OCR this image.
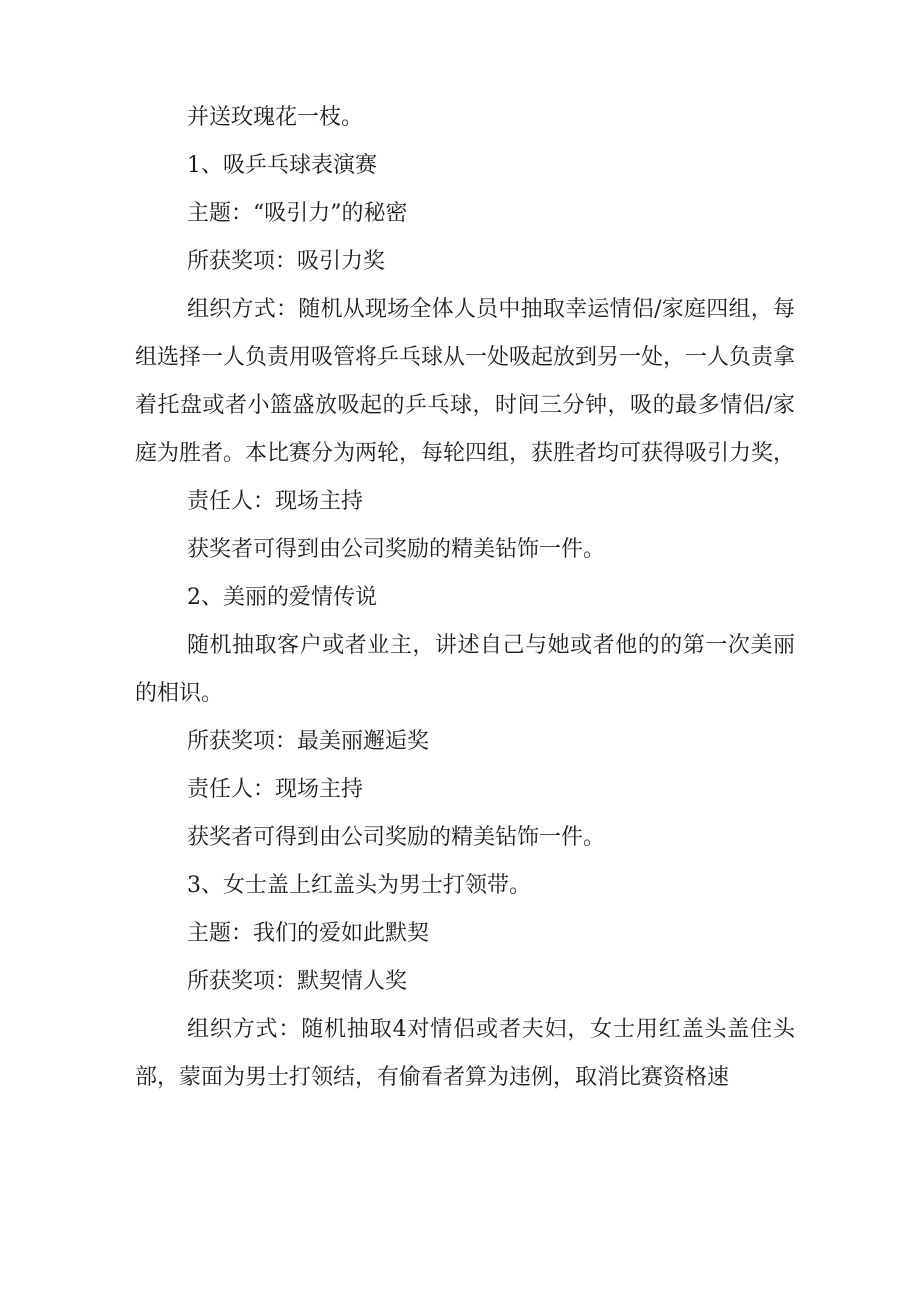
并送玫瑰花一枝。

1、吸乒乓球表演赛

主题：“吸引力”的秘密

所获奖项：吸引力奖

组织方式：随机从现场全体人员中抽取幸运情侣/家庭四组，每组选择一人负责用吸管将乒乓球从一处吸起放到另一处，一人负责拿着托盘或者小篮盛放吸起的乒乓球，时间三分钟，吸的最多情侣/家庭为胜者。本比赛分为两轮，每轮四组，获胜者均可获得吸引力奖，

责任人：现场主持

获奖者可得到由公司奖励的精美钻饰一件。

2、美丽的爱情传说

随机抽取客户或者业主，讲述自己与她或者他的的第一次美丽的相识。

所获奖项：最美丽邂逅奖

责任人：现场主持

获奖者可得到由公司奖励的精美钻饰一件。

3、女士盖上红盖头为男士打领带。

主题：我们的爱如此默契

所获奖项：默契情人奖

组织方式：随机抽取4对情侣或者夫妇，女士用红盖头盖住头部，蒙面为男士打领结，有偷看者算为违例，取消比赛资格速
